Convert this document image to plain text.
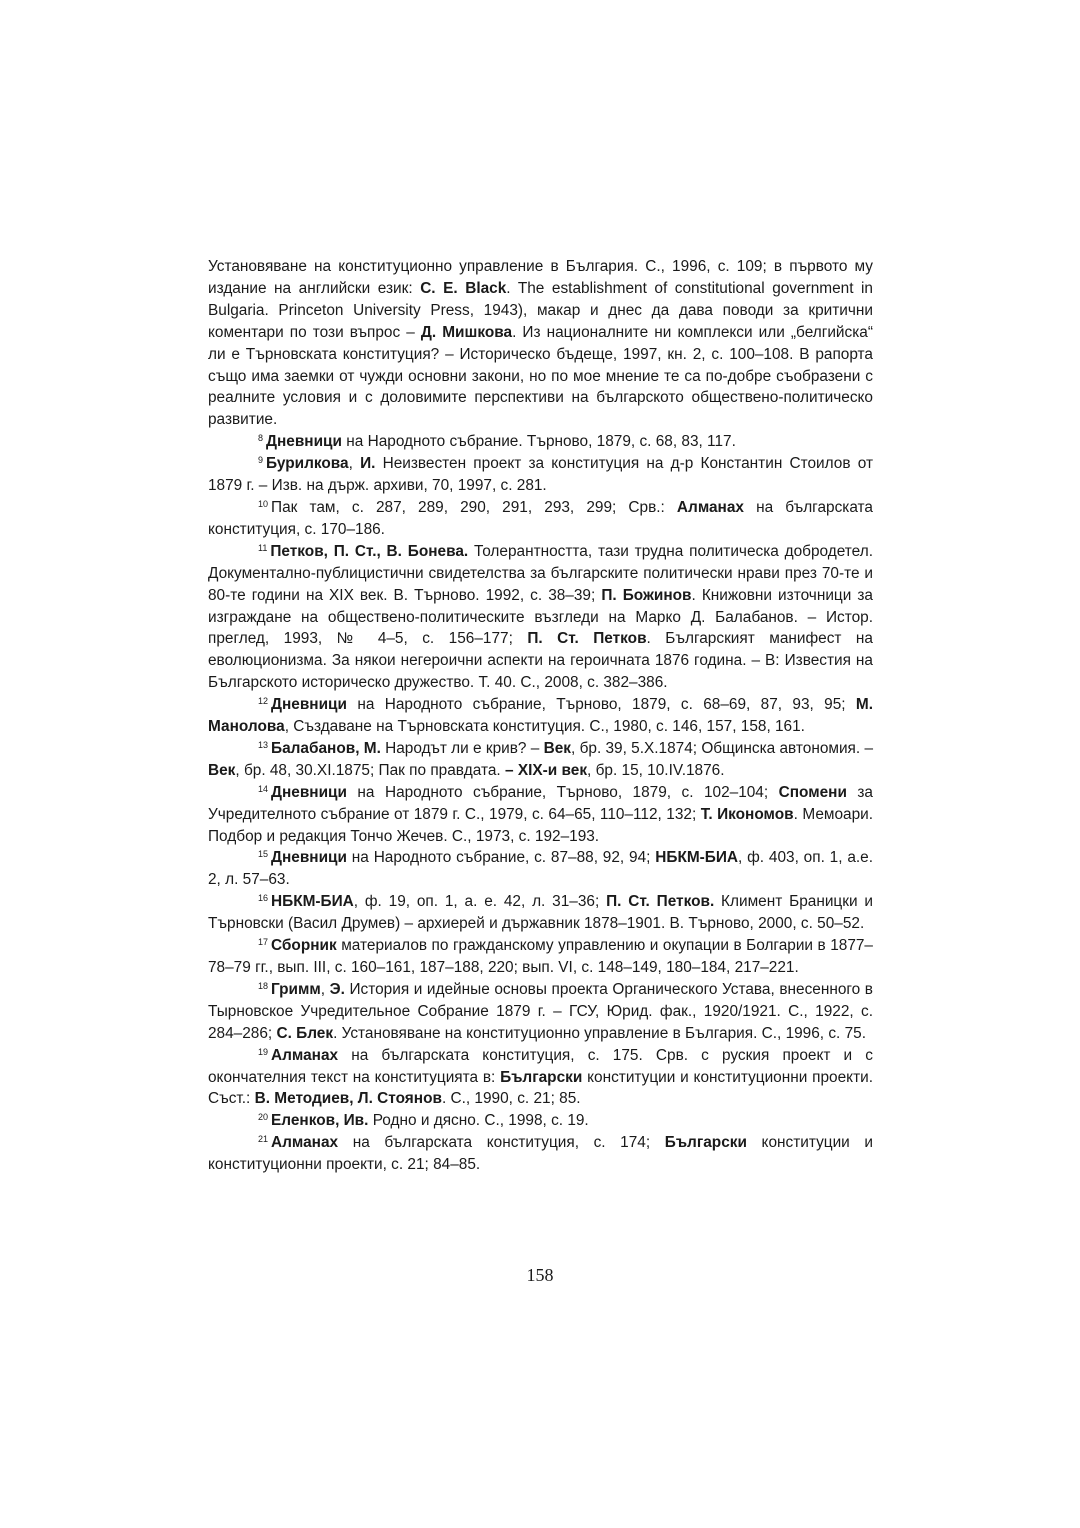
Установяване на конституционно управление в България. С., 1996, с. 109; в първото му издание на английски език: C. E. Black. The establishment of constitutional government in Bulgaria. Princeton University Press, 1943), макар и днес да дава поводи за критични коментари по този въпрос – Д. Мишкова. Из националните ни комплекси или „белгийска“ ли е Търновската конституция? – Историческо бъдеще, 1997, кн. 2, с. 100–108. В рапорта също има заемки от чужди основни закони, но по мое мнение те са по-добре съобразени с реалните условия и с доловимите перспективи на българското обществено-политическо развитие.

$^8$ Дневници на Народното събрание. Търново, 1879, с. 68, 83, 117.

$^9$ Бурилкова, И. Неизвестен проект за конституция на д-р Константин Стоилов от 1879 г. – Изв. на държ. архиви, 70, 1997, с. 281.

$^{10}$ Пак там, с. 287, 289, 290, 291, 293, 299; Срв.: Алманах на българската конституция, с. 170–186.

$^{11}$ Петков, П. Ст., В. Бонева. Толерантността, тази трудна политическа добродетел. Документално-публицистични свидетелства за българските политически нрави през 70-те и 80-те години на XIX век. В. Търново. 1992, с. 38–39; П. Божинов. Книжовни източници за изграждане на обществено-политическите възгледи на Марко Д. Балабанов. – Истор. преглед, 1993, № 4–5, с. 156–177; П. Ст. Петков. Българският манифест на еволюционизма. За някои негероични аспекти на героичната 1876 година. – В: Известия на Българското историческо дружество. Т. 40. С., 2008, с. 382–386.

$^{12}$ Дневници на Народното събрание, Търново, 1879, с. 68–69, 87, 93, 95; М. Манолова, Създаване на Търновската конституция. С., 1980, с. 146, 157, 158, 161.

$^{13}$ Балабанов, М. Народът ли е крив? – Век, бр. 39, 5.X.1874; Общинска автономия. – Век, бр. 48, 30.XI.1875; Пак по правдата. – XIX-и век, бр. 15, 10.IV.1876.

$^{14}$ Дневници на Народното събрание, Търново, 1879, с. 102–104; Спомени за Учредителното събрание от 1879 г. С., 1979, с. 64–65, 110–112, 132; Т. Икономов. Мемоари. Подбор и редакция Тончо Жечев. С., 1973, с. 192–193.

$^{15}$ Дневници на Народното събрание, с. 87–88, 92, 94; НБКМ-БИА, ф. 403, оп. 1, а.е. 2, л. 57–63.

$^{16}$ НБКМ-БИА, ф. 19, оп. 1, а. е. 42, л. 31–36; П. Ст. Петков. Климент Браницки и Търновски (Васил Друмев) – архиерей и държавник 1878–1901. В. Търново, 2000, с. 50–52.

$^{17}$ Сборник материалов по гражданскому управлению и окупации в Болгарии в 1877–78–79 гг., вып. III, с. 160–161, 187–188, 220; вып. VI, с. 148–149, 180–184, 217–221.

$^{18}$ Гримм, Э. История и идейные основы проекта Органического Устава, внесенного в Тырновское Учредительное Собрание 1879 г. – ГСУ, Юрид. фак., 1920/1921. С., 1922, с. 284–286; С. Блек. Установяване на конституционно управление в България. С., 1996, с. 75.

$^{19}$ Алманах на българската конституция, с. 175. Срв. с руския проект и с окончателния текст на конституцията в: Български конституции и конституционни проекти. Съст.: В. Методиев, Л. Стоянов. С., 1990, с. 21; 85.

$^{20}$ Еленков, Ив. Родно и дясно. С., 1998, с. 19.

$^{21}$ Алманах на българската конституция, с. 174; Български конституции и конституционни проекти, с. 21; 84–85.

158
